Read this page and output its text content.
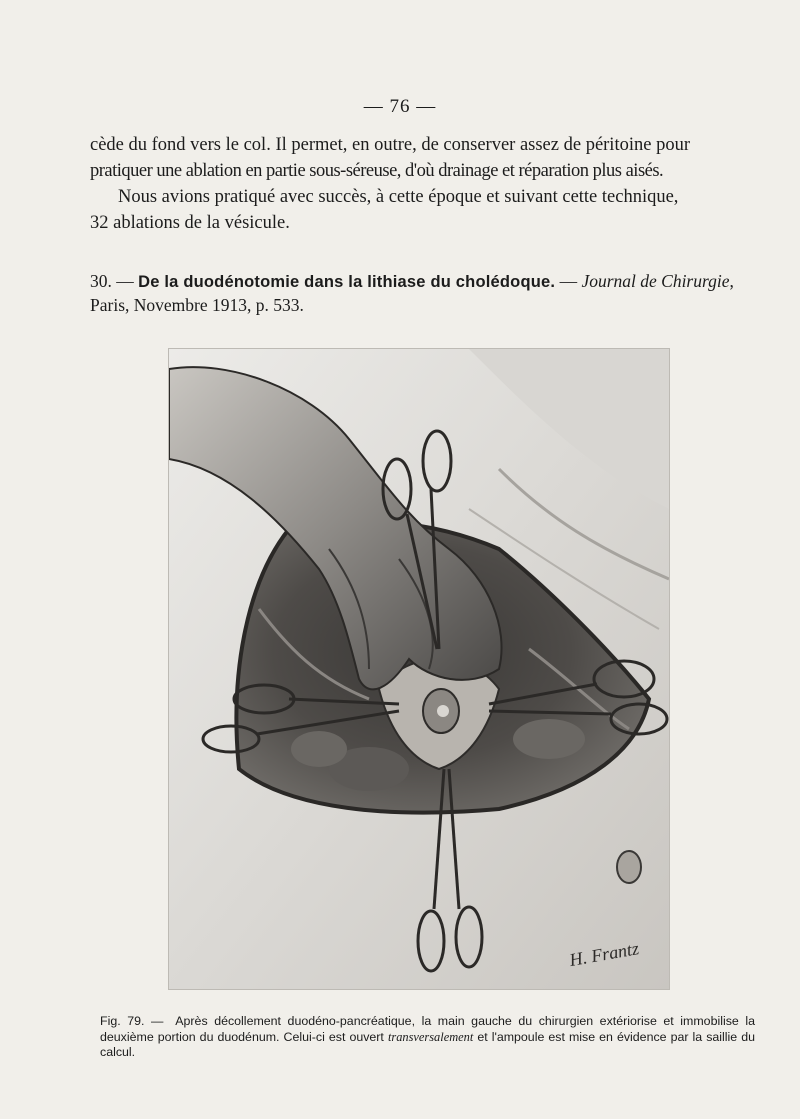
— 76 —
cède du fond vers le col. Il permet, en outre, de conserver assez de péritoine pour
pratiquer une ablation en partie sous-séreuse, d'où drainage et réparation plus aisés.
Nous avions pratiqué avec succès, à cette époque et suivant cette technique,
32 ablations de la vésicule.
30. — De la duodénotomie dans la lithiase du cholédoque. — Journal de Chirurgie, Paris, Novembre 1913, p. 533.
H. Frantz
Fig. 79. — Après décollement duodéno-pancréatique, la main gauche du chirurgien extériorise et immobilise la deuxième portion du duodénum. Celui-ci est ouvert transversalement et l'ampoule est mise en évidence par la saillie du calcul.
